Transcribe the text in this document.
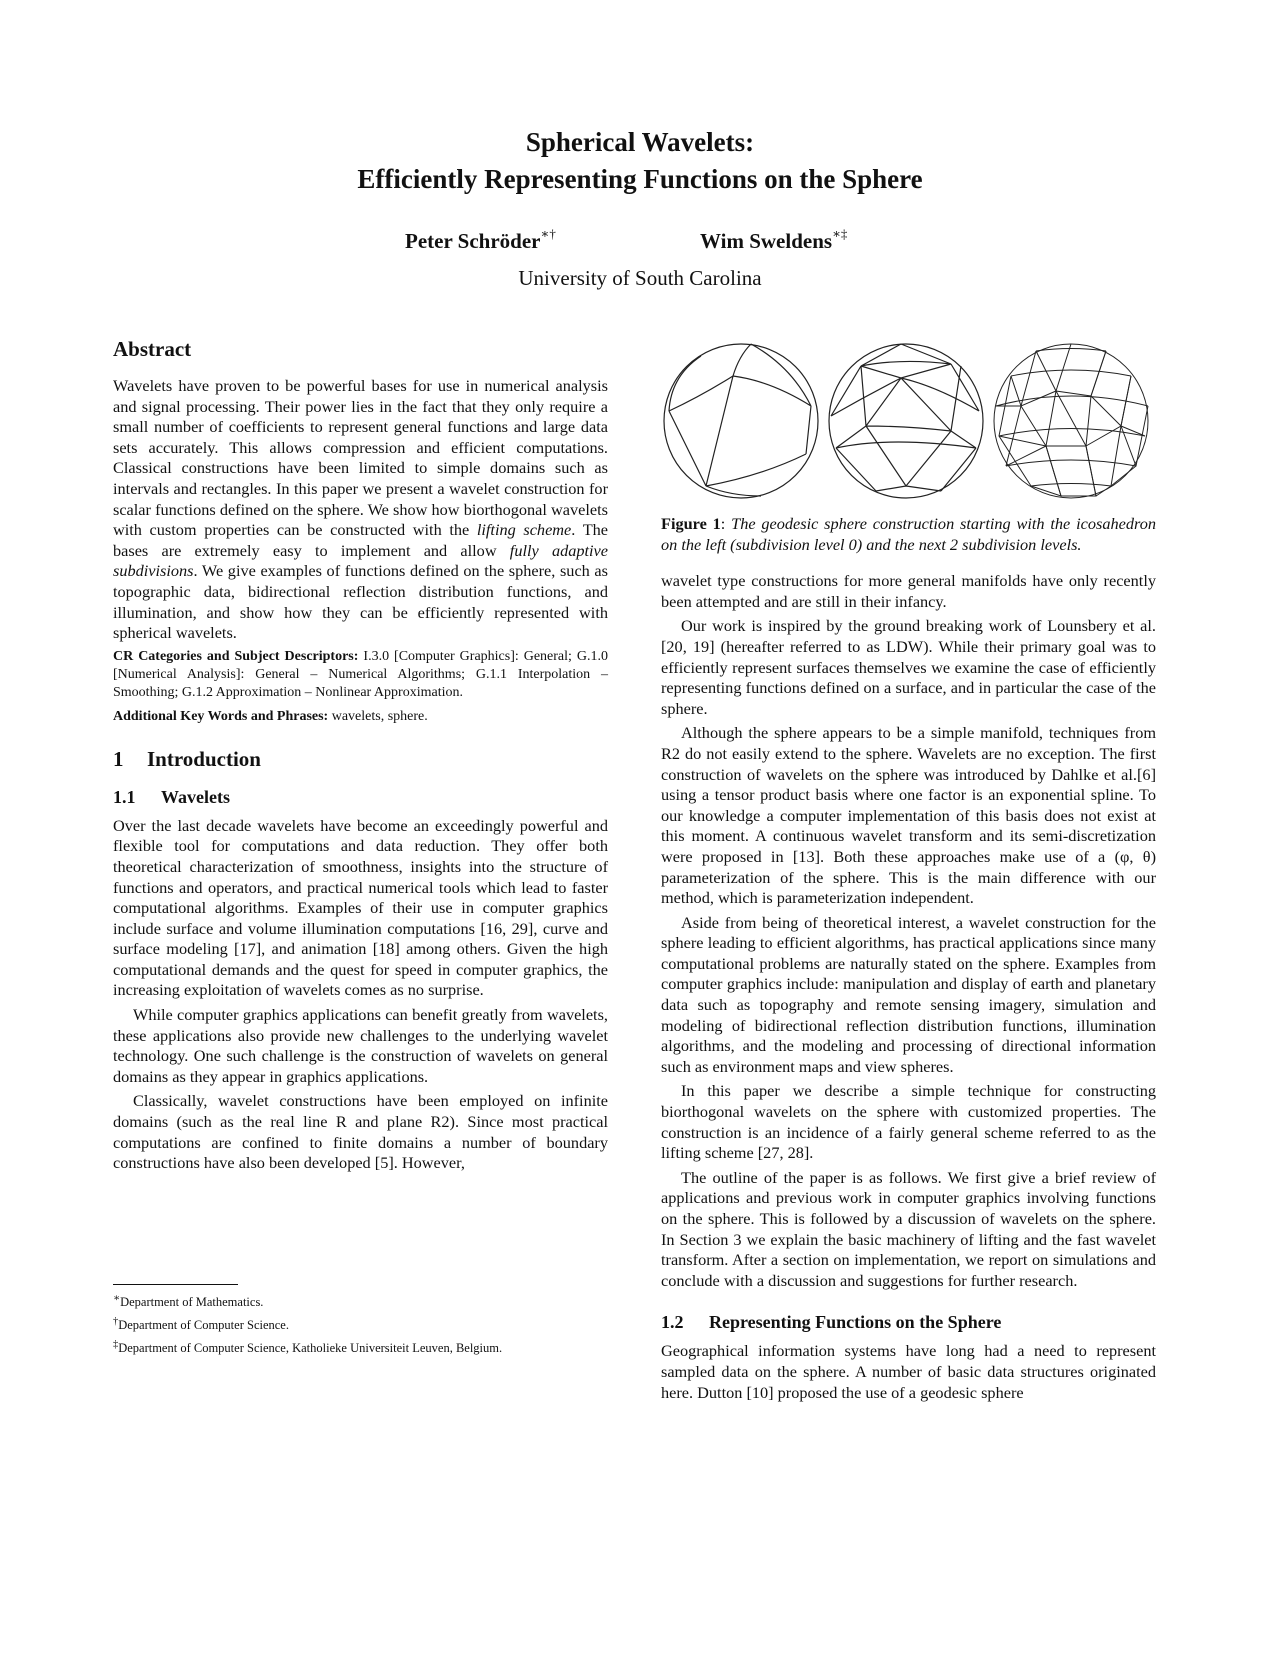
Spherical Wavelets:
Efficiently Representing Functions on the Sphere
Peter Schröder∗†	Wim Sweldens∗‡
University of South Carolina
Abstract

Wavelets have proven to be powerful bases for use in numerical analysis and signal processing. Their power lies in the fact that they only require a small number of coefficients to represent general functions and large data sets accurately. This allows compression and efficient computations. Classical constructions have been limited to simple domains such as intervals and rectangles. In this paper we present a wavelet construction for scalar functions defined on the sphere. We show how biorthogonal wavelets with custom properties can be constructed with the lifting scheme. The bases are extremely easy to implement and allow fully adaptive subdivisions. We give examples of functions defined on the sphere, such as topographic data, bidirectional reflection distribution functions, and illumination, and show how they can be efficiently represented with spherical wavelets.

CR Categories and Subject Descriptors: I.3.0 [Computer Graphics]: General; G.1.0 [Numerical Analysis]: General – Numerical Algorithms; G.1.1 Interpolation – Smoothing; G.1.2 Approximation – Nonlinear Approximation.

Additional Key Words and Phrases: wavelets, sphere.

1 Introduction
1.1 Wavelets

Over the last decade wavelets have become an exceedingly powerful and flexible tool for computations and data reduction. They offer both theoretical characterization of smoothness, insights into the structure of functions and operators, and practical numerical tools which lead to faster computational algorithms. Examples of their use in computer graphics include surface and volume illumination computations [16, 29], curve and surface modeling [17], and animation [18] among others. Given the high computational demands and the quest for speed in computer graphics, the increasing exploitation of wavelets comes as no surprise.

While computer graphics applications can benefit greatly from wavelets, these applications also provide new challenges to the underlying wavelet technology. One such challenge is the construction of wavelets on general domains as they appear in graphics applications.

Classically, wavelet constructions have been employed on infinite domains (such as the real line R and plane R2). Since most practical computations are confined to finite domains a number of boundary constructions have also been developed [5]. However,

∗Department of Mathematics.
†Department of Computer Science.
‡Department of Computer Science, Katholieke Universiteit Leuven, Belgium.

Figure 1: The geodesic sphere construction starting with the icosahedron on the left (subdivision level 0) and the next 2 subdivision levels.

wavelet type constructions for more general manifolds have only recently been attempted and are still in their infancy.

Our work is inspired by the ground breaking work of Lounsbery et al.[20, 19] (hereafter referred to as LDW). While their primary goal was to efficiently represent surfaces themselves we examine the case of efficiently representing functions defined on a surface, and in particular the case of the sphere.

Although the sphere appears to be a simple manifold, techniques from R2 do not easily extend to the sphere. Wavelets are no exception. The first construction of wavelets on the sphere was introduced by Dahlke et al.[6] using a tensor product basis where one factor is an exponential spline. To our knowledge a computer implementation of this basis does not exist at this moment. A continuous wavelet transform and its semi-discretization were proposed in [13]. Both these approaches make use of a (φ, θ) parameterization of the sphere. This is the main difference with our method, which is parameterization independent.

Aside from being of theoretical interest, a wavelet construction for the sphere leading to efficient algorithms, has practical applications since many computational problems are naturally stated on the sphere. Examples from computer graphics include: manipulation and display of earth and planetary data such as topography and remote sensing imagery, simulation and modeling of bidirectional reflection distribution functions, illumination algorithms, and the modeling and processing of directional information such as environment maps and view spheres.

In this paper we describe a simple technique for constructing biorthogonal wavelets on the sphere with customized properties. The construction is an incidence of a fairly general scheme referred to as the lifting scheme [27, 28].

The outline of the paper is as follows. We first give a brief review of applications and previous work in computer graphics involving functions on the sphere. This is followed by a discussion of wavelets on the sphere. In Section 3 we explain the basic machinery of lifting and the fast wavelet transform. After a section on implementation, we report on simulations and conclude with a discussion and suggestions for further research.

1.2 Representing Functions on the Sphere

Geographical information systems have long had a need to represent sampled data on the sphere. A number of basic data structures originated here. Dutton [10] proposed the use of a geodesic sphere
